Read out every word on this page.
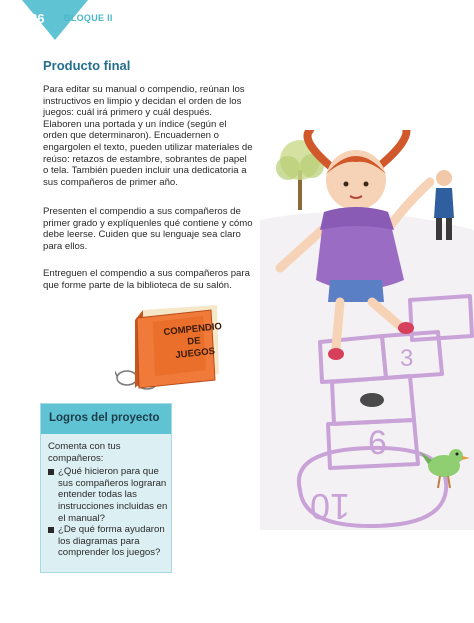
86	BLOQUE II
Producto final

Para editar su manual o compendio, reúnan los instructivos en limpio y decidan el orden de los juegos: cuál irá primero y cuál después. Elaboren una portada y un índice (según el orden que determinaron). Encuadernen o engargolen el texto, pueden utilizar materiales de reúso: retazos de estambre, sobrantes de papel o tela. También pueden incluir una dedicatoria a sus compañeros de primer año.

Presenten el compendio a sus compañeros de primer grado y explíquenles qué contiene y cómo debe leerse. Cuiden que su lenguaje sea claro para ellos.

Entreguen el compendio a sus compañeros para que forme parte de la biblioteca de su salón.

COMPENDIO
DE
JUEGOS
Logros del proyecto
Comenta con tus compañeros:
¿Qué hicieron para que sus compañeros lograran entender todas las instrucciones incluidas en el manual?
¿De qué forma ayudaron los diagramas para comprender los juegos?
6
3
10
